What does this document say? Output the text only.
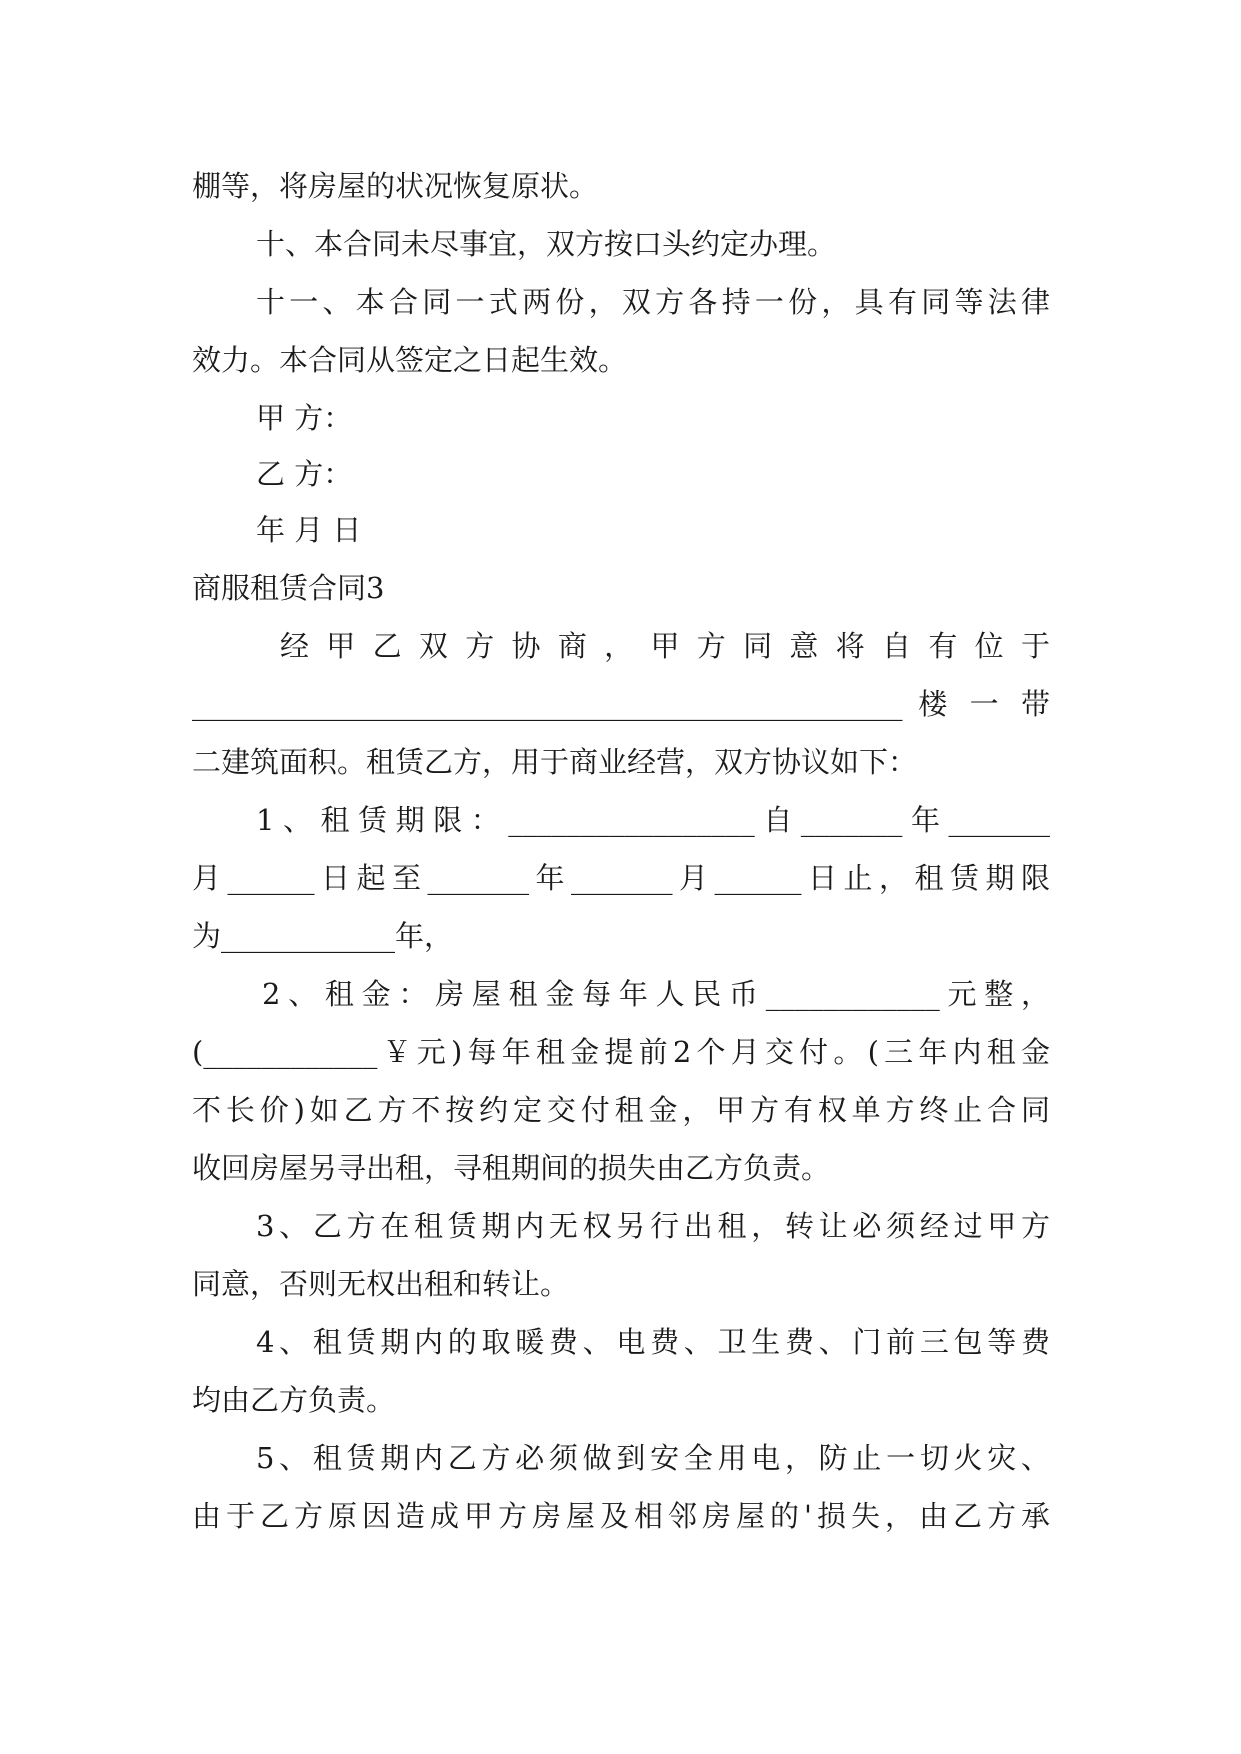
棚等，将房屋的状况恢复原状。
十、本合同未尽事宜，双方按口头约定办理。
十一、本合同一式两份，双方各持一份，具有同等法律
效力。本合同从签定之日起生效。
甲 方：
乙 方：
年 月 日
商服租赁合同3
经 甲 乙 双 方 协 商 ， 甲 方 同 意 将 自 有 位 于
_________________________________________________ 楼 一 带
二建筑面积。租赁乙方，用于商业经营，双方协议如下：
1、租赁期限：_________________自_______年_______
月______日起至_______年_______月______日止，租赁期限
为____________年，
2、租金：房屋租金每年人民币____________元整，
(____________￥元)每年租金提前2个月交付。(三年内租金
不长价)如乙方不按约定交付租金，甲方有权单方终止合同
收回房屋另寻出租，寻租期间的损失由乙方负责。
3、乙方在租赁期内无权另行出租，转让必须经过甲方
同意，否则无权出租和转让。
4、租赁期内的取暖费、电费、卫生费、门前三包等费
均由乙方负责。
5、租赁期内乙方必须做到安全用电，防止一切火灾、
由于乙方原因造成甲方房屋及相邻房屋的'损失，由乙方承
